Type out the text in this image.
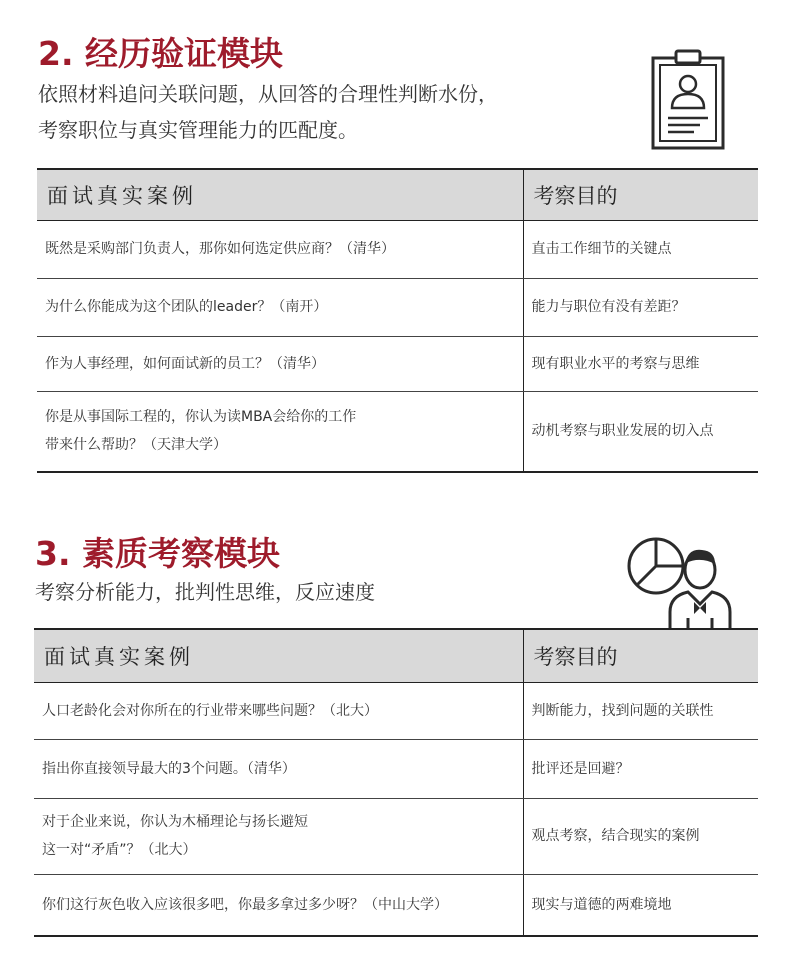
2. 经历验证模块

依照材料追问关联问题，从回答的合理性判断水份，

考察职位与真实管理能力的匹配度。

面试真实案例	考察目的
既然是采购部门负责人，那你如何选定供应商？（清华）	直击工作细节的关键点
为什么你能成为这个团队的leader？（南开）	能力与职位有没有差距？
作为人事经理，如何面试新的员工？（清华）	现有职业水平的考察与思维
你是从事国际工程的，你认为读MBA会给你的工作
带来什么帮助？（天津大学）	动机考察与职业发展的切入点
3. 素质考察模块

考察分析能力，批判性思维，反应速度

面试真实案例	考察目的
人口老龄化会对你所在的行业带来哪些问题？（北大）	判断能力，找到问题的关联性
指出你直接领导最大的3个问题。（清华）	批评还是回避？
对于企业来说，你认为木桶理论与扬长避短
这一对“矛盾”？（北大）	观点考察，结合现实的案例
你们这行灰色收入应该很多吧，你最多拿过多少呀？（中山大学）	现实与道德的两难境地
